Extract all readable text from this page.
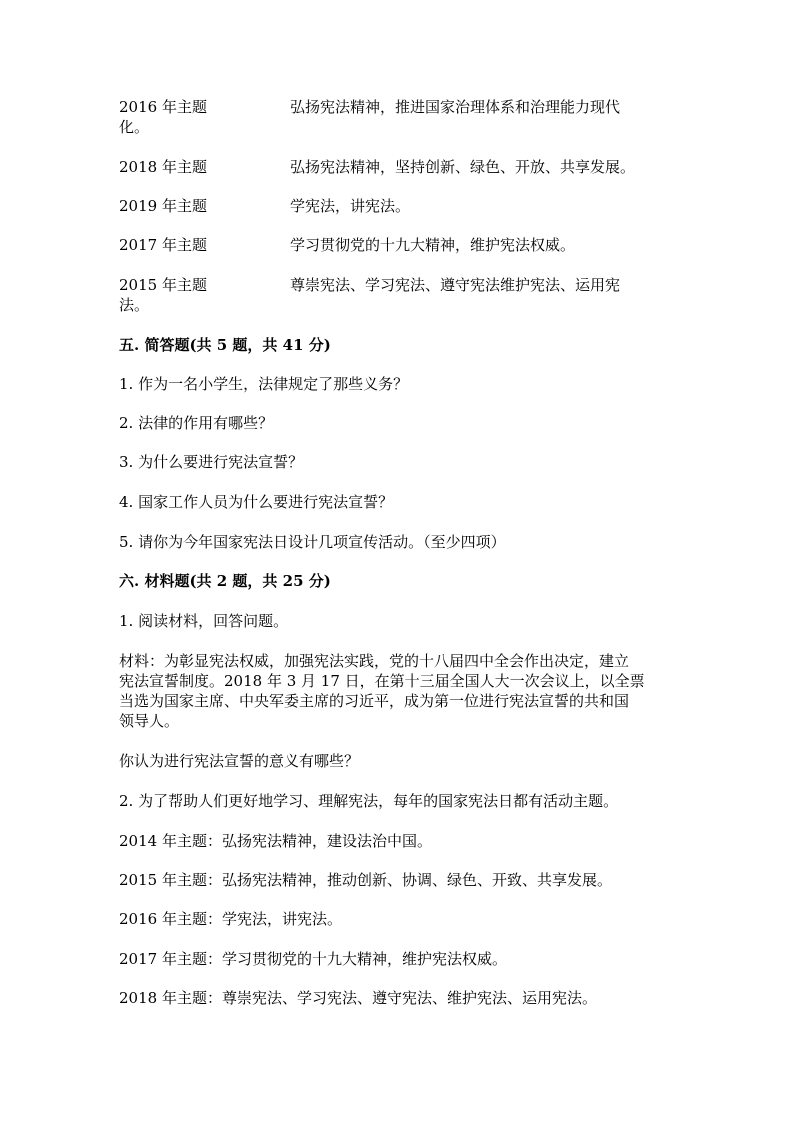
2016 年主题	弘扬宪法精神，推进国家治理体系和治理能力现代
化。
2018 年主题	弘扬宪法精神，坚持创新、绿色、开放、共享发展。
2019 年主题	学宪法，讲宪法。
2017 年主题	学习贯彻党的十九大精神，维护宪法权威。
2015 年主题	尊崇宪法、学习宪法、遵守宪法维护宪法、运用宪
法。
五. 简答题(共 5 题，共 41 分)
1. 作为一名小学生，法律规定了那些义务？
2. 法律的作用有哪些？
3. 为什么要进行宪法宣誓？
4. 国家工作人员为什么要进行宪法宣誓？
5. 请你为今年国家宪法日设计几项宣传活动。（至少四项）
六. 材料题(共 2 题，共 25 分)
1. 阅读材料，回答问题。
材料：为彰显宪法权威，加强宪法实践，党的十八届四中全会作出决定，建立
宪法宣誓制度。2018 年 3 月 17 日，在第十三届全国人大一次会议上，以全票
当选为国家主席、中央军委主席的习近平，成为第一位进行宪法宣誓的共和国
领导人。
你认为进行宪法宣誓的意义有哪些？
2. 为了帮助人们更好地学习、理解宪法，每年的国家宪法日都有活动主题。
2014 年主题：弘扬宪法精神，建设法治中国。
2015 年主题：弘扬宪法精神，推动创新、协调、绿色、开致、共享发展。
2016 年主题：学宪法，讲宪法。
2017 年主题：学习贯彻党的十九大精神，维护宪法权威。
2018 年主题：尊崇宪法、学习宪法、遵守宪法、维护宪法、运用宪法。
